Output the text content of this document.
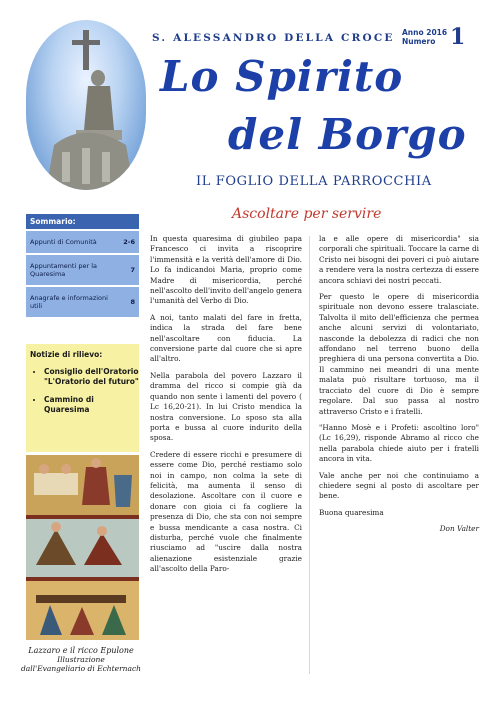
S. ALESSANDRO DELLA CROCE Anno 2016
Numero 1
Lo Spirito
del Borgo
IL FOGLIO DELLA PARROCCHIA
Sommario:
Appunti di Comunità	2-6
Appuntamenti per la Quaresima	7
Anagrafe e informazioni utili	8
Notizie di rilievo:
• Consiglio dell'Oratorio "L'Oratorio del futuro"
• Cammino di Quaresima
Lazzaro e il ricco Epulone
Illustrazione
dall'Evangeliario di Echternach
Ascoltare per servire

In questa quaresima di giubileo papa Francesco ci invita a riscoprire l'immensità e la verità dell'amore di Dio. Lo fa indicandoi Maria, proprio come Madre di misericordia, perché nell'ascolto dell'invito dell'angelo genera l'umanità del Verbo di Dio.

A noi, tanto malati del fare in fretta, indica la strada del fare bene nell'ascoltare con fiducia. La conversione parte dal cuore che si apre all'altro.

Nella parabola del povero Lazzaro il dramma del ricco si compie già da quando non sente i lamenti del povero ( Lc 16,20-21). In lui Cristo mendica la nostra conversione. Lo sposo sta alla porta e bussa al cuore indurito della sposa.

Credere di essere ricchi e presumere di essere come Dio, perché restiamo solo noi in campo, non colma la sete di felicità, ma aumenta il senso di desolazione. Ascoltare con il cuore e donare con gioia ci fa cogliere la presenza di Dio, che sta con noi sempre e bussa mendicante a casa nostra. Ci disturba, perché vuole che finalmente riusciamo ad "uscire dalla nostra alienazione esistenziale grazie all'ascolto della Paro-

la e alle opere di misericordia" sia corporali che spirituali. Toccare la carne di Cristo nei bisogni dei poveri ci può aiutare a rendere vera la nostra certezza di essere ancora schiavi dei nostri peccati.

Per questo le opere di misericordia spirituale non devono essere tralasciate. Talvolta il mito dell'efficienza che permea anche alcuni servizi di volontariato, nasconde la debolezza di radici che non affondano nel terreno buono della preghiera di una persona convertita a Dio. Il cammino nei meandri di una mente malata può risultare tortuoso, ma il tracciato del cuore di Dio è sempre regolare. Dal suo passa al nostro attraverso Cristo e i fratelli.

"Hanno Mosè e i Profeti: ascoltino loro" (Lc 16,29), risponde Abramo al ricco che nella parabola chiede aiuto per i fratelli ancora in vita.

Vale anche per noi che continuiamo a chiedere segni al posto di ascoltare per bene.

Buona quaresima

Don Valter
